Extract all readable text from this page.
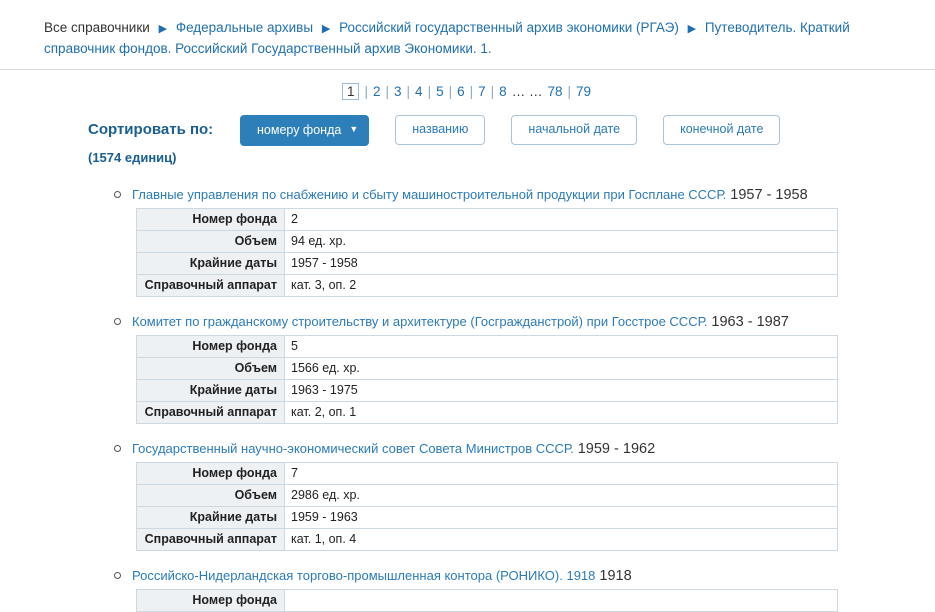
Все справочники ▶ Федеральные архивы ▶ Российский государственный архив экономики (РГАЭ) ▶ Путеводитель. Краткий справочник фондов. Российский Государственный архив Экономики. 1.
1 | 2 | 3 | 4 | 5 | 6 | 7 | 8 … … 78 | 79
Сортировать по:
(1574 единиц)
номеру фонда ▼	названию	начальной дате	конечной дате
Главные управления по снабжению и сбыту машиностроительной продукции при Госплане СССР. 1957 - 1958
Номер фонда	2
Объем	94 ед. хр.
Крайние даты	1957 - 1958
Справочный аппарат	кат. 3, оп. 2
Комитет по гражданскому строительству и архитектуре (Госгражданстрой) при Госстрое СССР. 1963 - 1987
Номер фонда	5
Объем	1566 ед. хр.
Крайние даты	1963 - 1975
Справочный аппарат	кат. 2, оп. 1
Государственный научно-экономический совет Совета Министров СССР. 1959 - 1962
Номер фонда	7
Объем	2986 ед. хр.
Крайние даты	1959 - 1963
Справочный аппарат	кат. 1, оп. 4
Российско-Нидерландская торгово-промышленная контора (РОНИКО). 1918 1918
Номер фонда	
